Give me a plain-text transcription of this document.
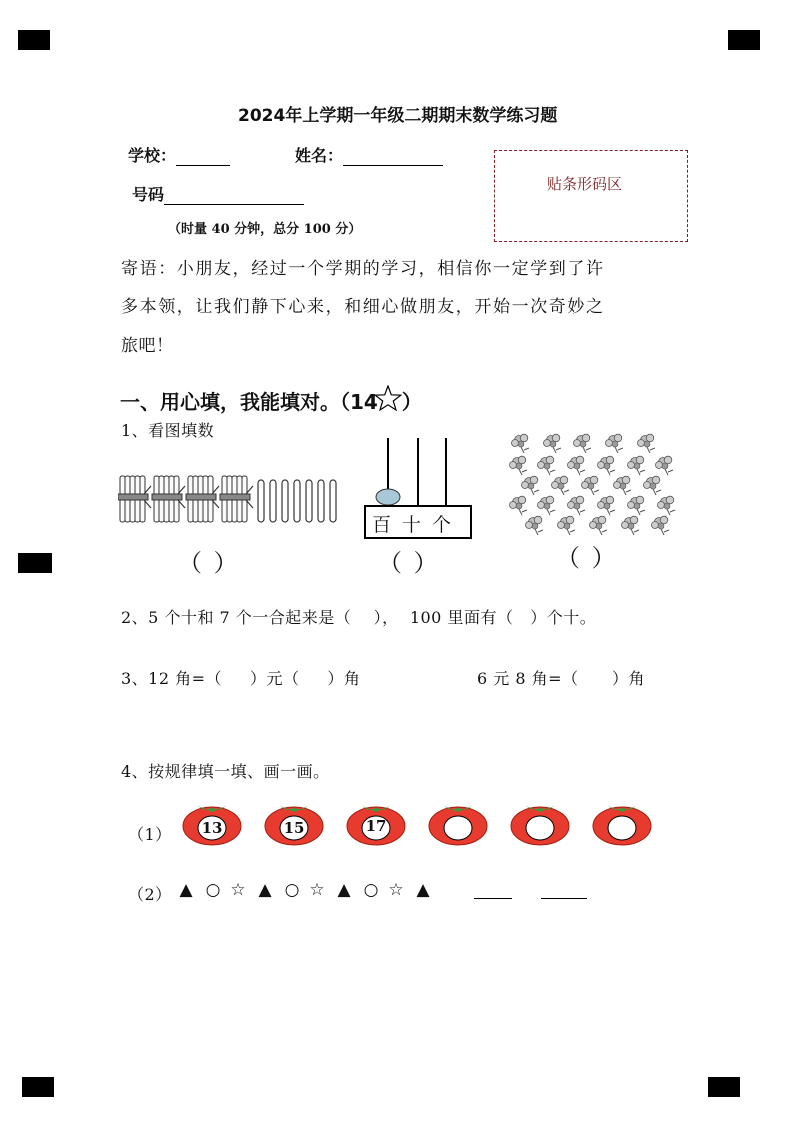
2024年上学期一年级二期期末数学练习题
学校：	姓名：
号码
（时量 40 分钟，总分 100 分）
贴条形码区
寄语：小朋友，经过一个学期的学习，相信你一定学到了许
多本领，让我们静下心来，和细心做朋友，开始一次奇妙之
旅吧！
一、用心填，我能填对。（14 ）
1、看图填数
百 十 个
（ ）	（ ）	（ ）
2、5 个十和 7 个一合起来是（    ），  100 里面有（   ）个十。
3、12 角=（     ）元（     ）角	6 元 8 角=（      ）角
4、按规律填一填、画一画。
（1）	13	15	17
（2） ▲ ○ ☆ ▲ ○ ☆ ▲ ○ ☆ ▲
